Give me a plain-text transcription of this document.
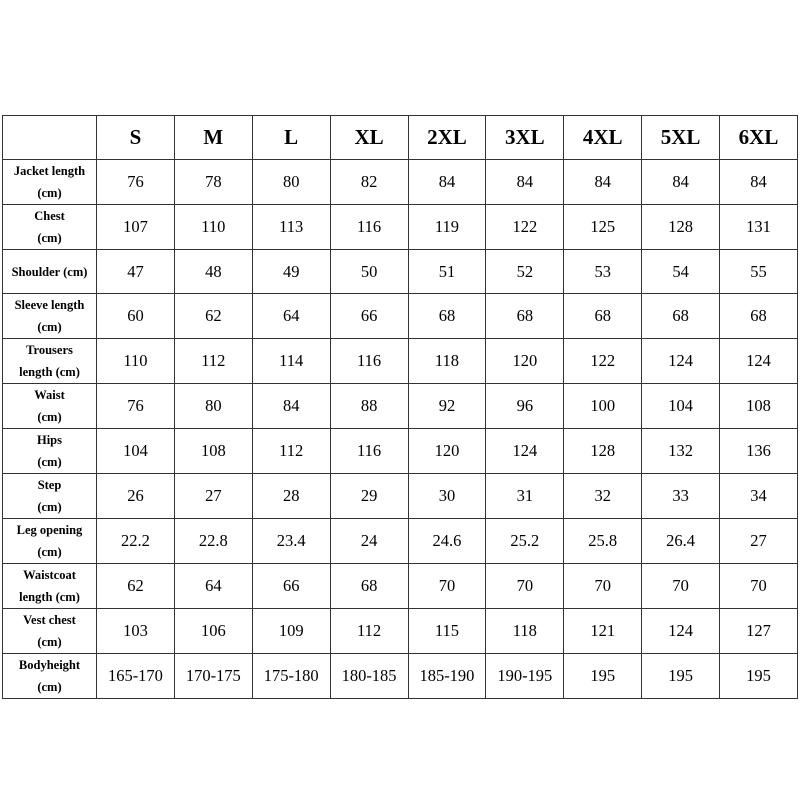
	S	M	L	XL	2XL	3XL	4XL	5XL	6XL
Jacket length
(cm)	76	78	80	82	84	84	84	84	84
Chest
(cm)	107	110	113	116	119	122	125	128	131
Shoulder (cm)	47	48	49	50	51	52	53	54	55
Sleeve length
(cm)	60	62	64	66	68	68	68	68	68
Trousers
length (cm)	110	112	114	116	118	120	122	124	124
Waist
(cm)	76	80	84	88	92	96	100	104	108
Hips
(cm)	104	108	112	116	120	124	128	132	136
Step
(cm)	26	27	28	29	30	31	32	33	34
Leg opening
(cm)	22.2	22.8	23.4	24	24.6	25.2	25.8	26.4	27
Waistcoat
length (cm)	62	64	66	68	70	70	70	70	70
Vest chest
(cm)	103	106	109	112	115	118	121	124	127
Bodyheight
(cm)	165-170	170-175	175-180	180-185	185-190	190-195	195	195	195
